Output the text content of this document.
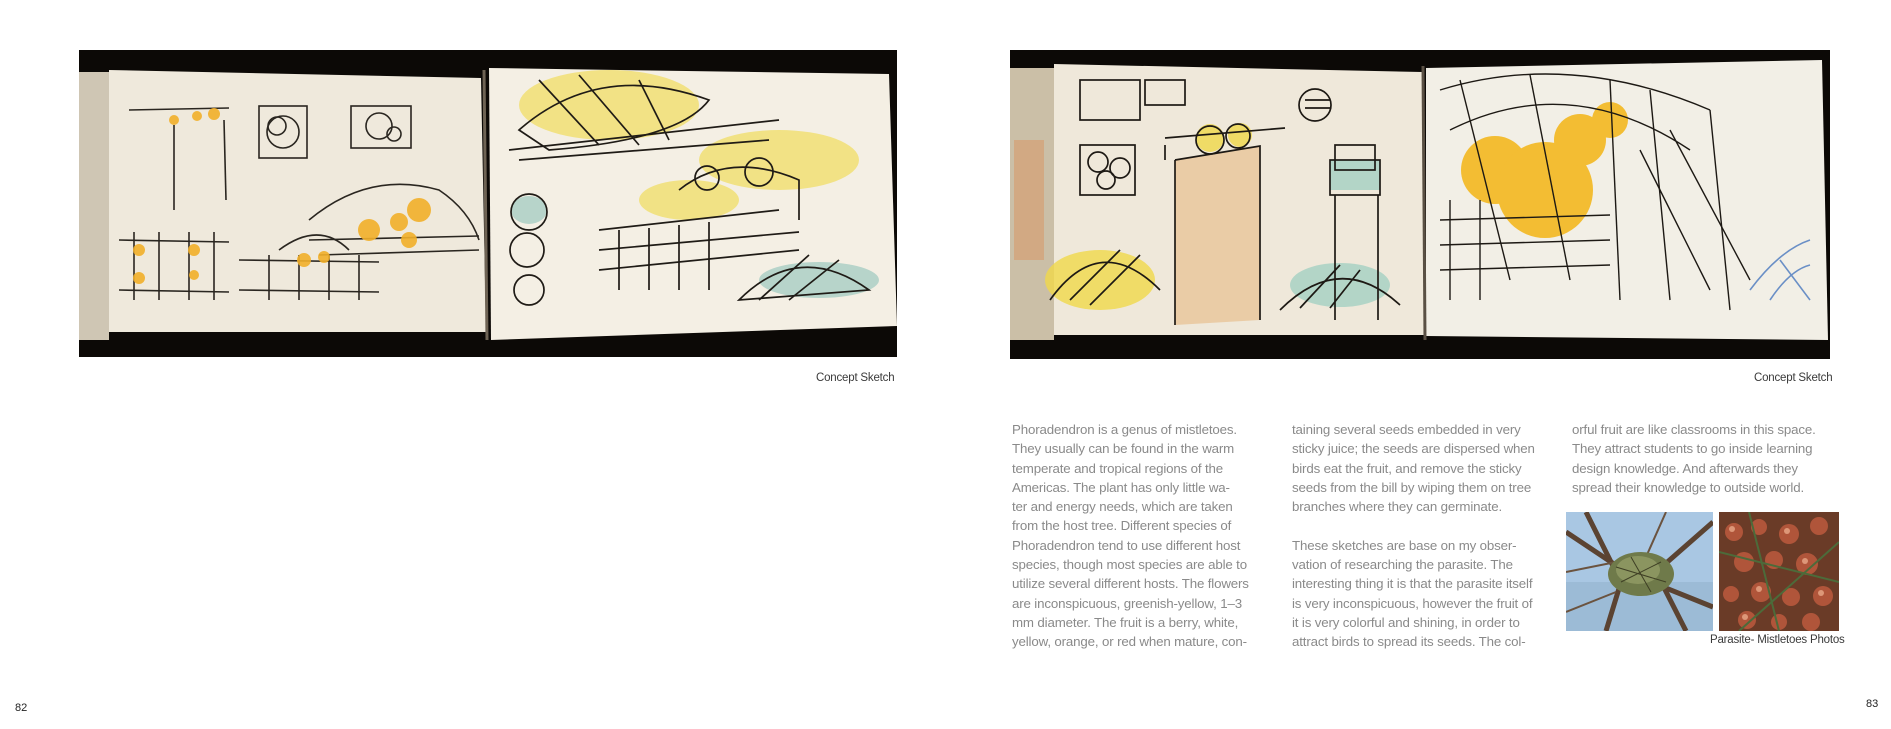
Concept Sketch
82
Concept Sketch

Phoradendron is a genus of mistletoes.
They usually can be found in the warm
temperate and tropical regions of the
Americas. The plant has only little wa-
ter and energy needs, which are taken
from the host tree. Different species of
Phoradendron tend to use different host
species, though most species are able to
utilize several different hosts. The flowers
are inconspicuous, greenish-yellow, 1–3
mm diameter. The fruit is a berry, white,
yellow, orange, or red when mature, con-

taining several seeds embedded in very
sticky juice; the seeds are dispersed when
birds eat the fruit, and remove the sticky
seeds from the bill by wiping them on tree
branches where they can germinate.

These sketches are base on my obser-
vation of researching the parasite. The
interesting thing it is that the parasite itself
is very inconspicuous, however the fruit of
it is very colorful and shining, in order to
attract birds to spread its seeds. The col-

orful fruit are like classrooms in this space.
They attract students to go inside learning
design knowledge. And afterwards they
spread their knowledge to outside world.

Parasite- Mistletoes Photos
83
